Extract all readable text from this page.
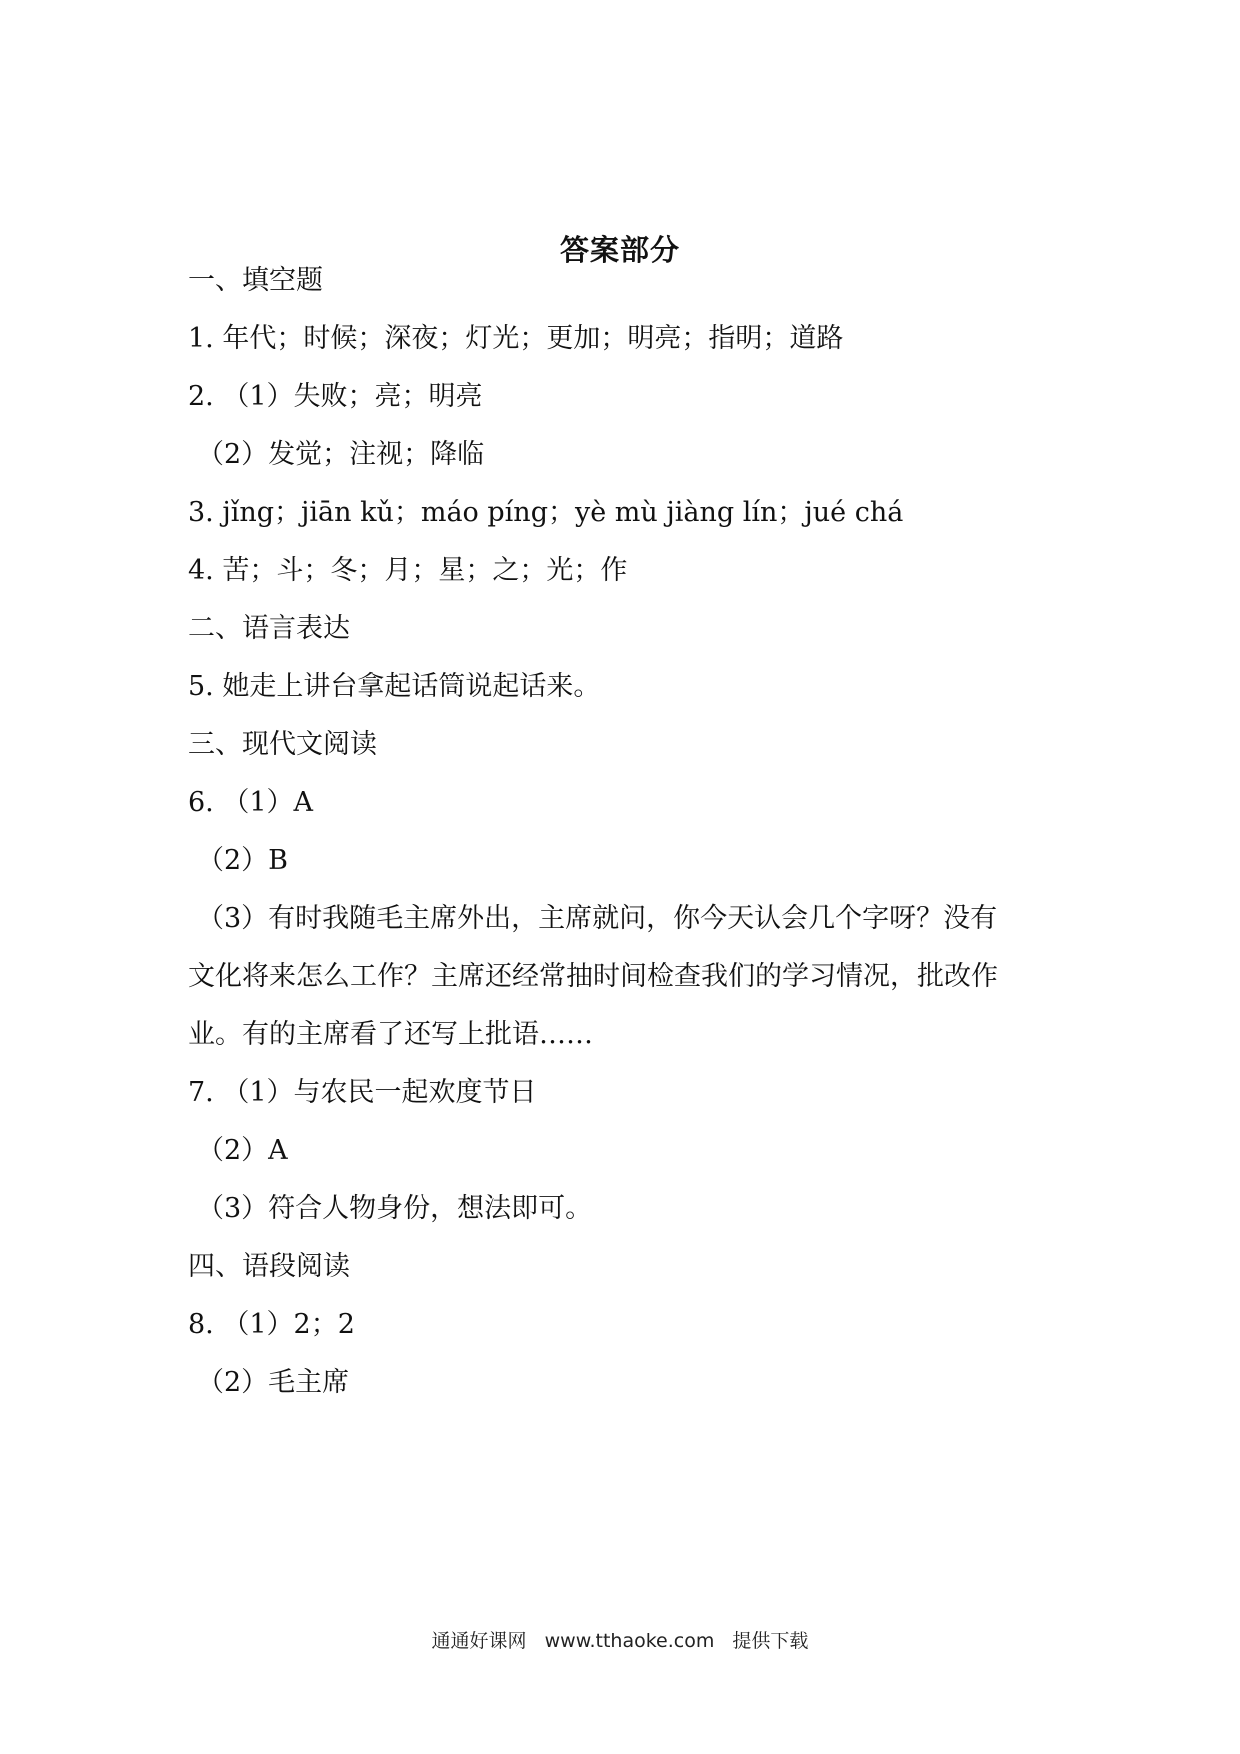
答案部分
一、填空题
1. 年代；时候；深夜；灯光；更加；明亮；指明；道路
2. （1）失败；亮；明亮
（2）发觉；注视；降临
3. jǐng；jiān kǔ；máo píng；yè mù jiàng lín；jué chá
4. 苦；斗；冬；月；星；之；光；作
二、语言表达
5. 她走上讲台拿起话筒说起话来。
三、现代文阅读
6. （1）A
（2）B
（3）有时我随毛主席外出，主席就问，你今天认会几个字呀？没有
文化将来怎么工作？主席还经常抽时间检查我们的学习情况，批改作
业。有的主席看了还写上批语……
7. （1）与农民一起欢度节日
（2）A
（3）符合人物身份，想法即可。
四、语段阅读
8. （1）2；2
（2）毛主席
通通好课网 www.tthaoke.com 提供下载
